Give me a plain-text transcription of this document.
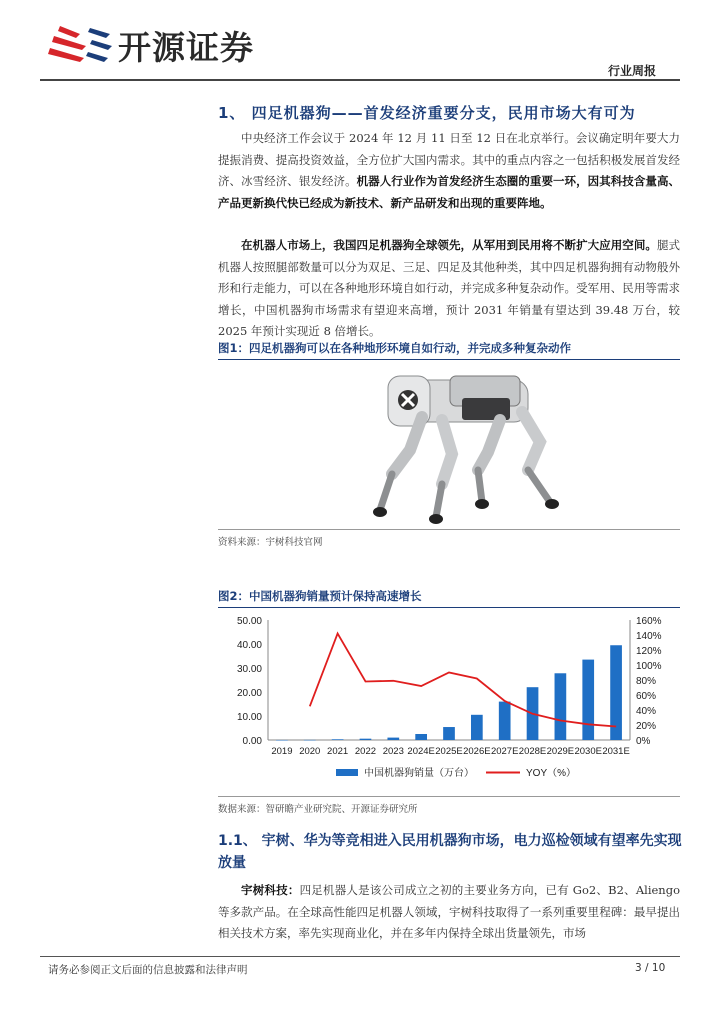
开源证券
行业周报
1、 四足机器狗——首发经济重要分支，民用市场大有可为
中央经济工作会议于 2024 年 12 月 11 日至 12 日在北京举行。会议确定明年要大力提振消费、提高投资效益，全方位扩大国内需求。其中的重点内容之一包括积极发展首发经济、冰雪经济、银发经济。机器人行业作为首发经济生态圈的重要一环，因其科技含量高、产品更新换代快已经成为新技术、新产品研发和出现的重要阵地。
在机器人市场上，我国四足机器狗全球领先，从军用到民用将不断扩大应用空间。腿式机器人按照腿部数量可以分为双足、三足、四足及其他种类，其中四足机器狗拥有动物般外形和行走能力，可以在各种地形环境自如行动，并完成多种复杂动作。受军用、民用等需求增长，中国机器狗市场需求有望迎来高增，预计 2031 年销量有望达到 39.48 万台，较 2025 年预计实现近 8 倍增长。
图1：四足机器狗可以在各种地形环境自如行动，并完成多种复杂动作
资料来源：宇树科技官网
图2：中国机器狗销量预计保持高速增长
0.00
10.00
20.00
30.00
40.00
50.00
0%
20%
40%
60%
80%
100%
120%
140%
160%
2019 2020 2021 2022 2023 2024E 2025E 2026E 2027E 2028E 2029E 2030E 2031E
中国机器狗销量（万台）	YOY（%）
数据来源：智研瞻产业研究院、开源证券研究所
1.1、 宇树、华为等竞相进入民用机器狗市场，电力巡检领域有望率先实现放量
宇树科技：四足机器人是该公司成立之初的主要业务方向，已有 Go2、B2、Aliengo 等多款产品。在全球高性能四足机器人领域，宇树科技取得了一系列重要里程碑：最早提出相关技术方案，率先实现商业化，并在多年内保持全球出货量领先，市场
请务必参阅正文后面的信息披露和法律声明	3 / 10
